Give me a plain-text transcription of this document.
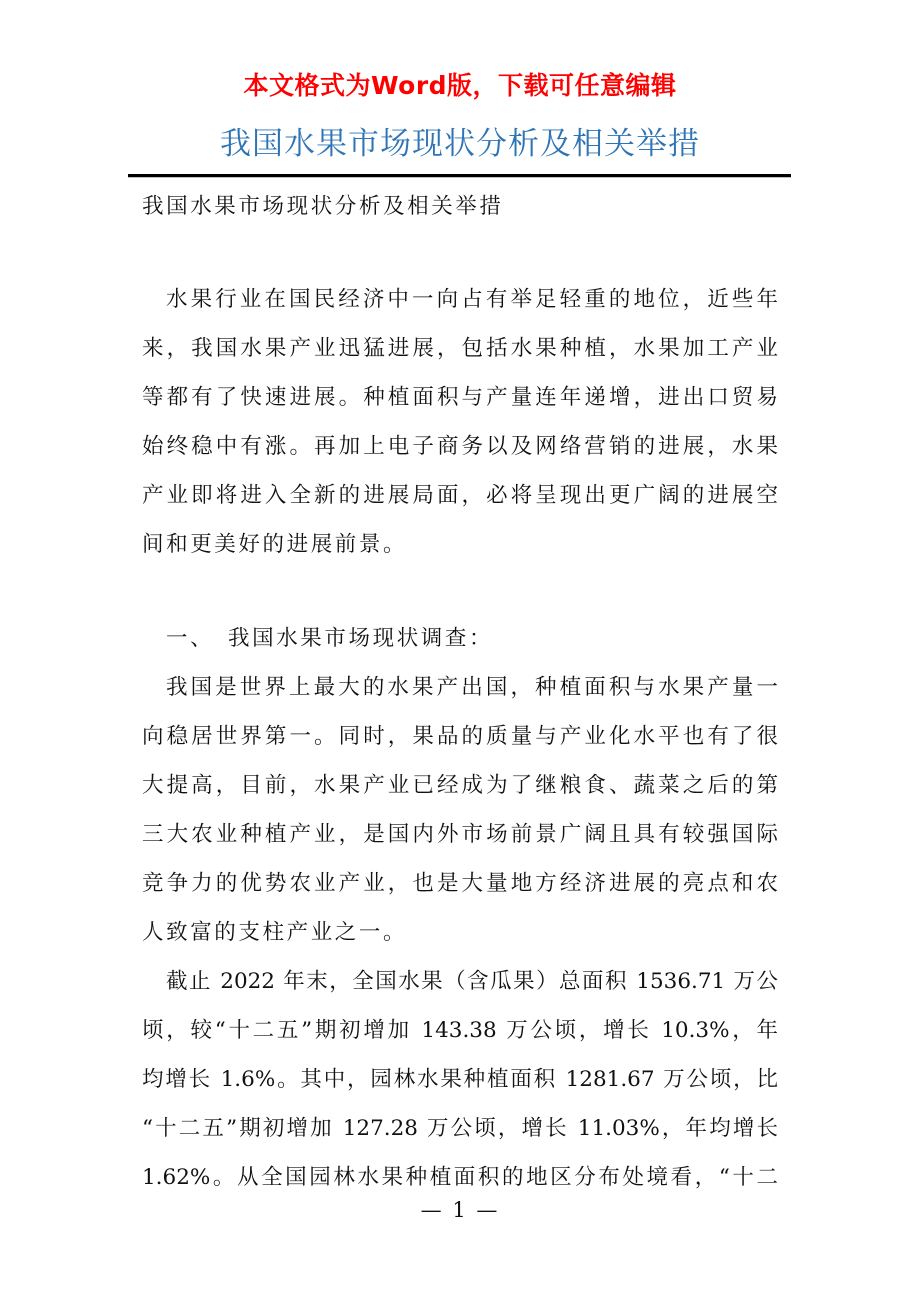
本文格式为Word版，下载可任意编辑
我国水果市场现状分析及相关举措
我国水果市场现状分析及相关举措
水果行业在国民经济中一向占有举足轻重的地位，近些年
来，我国水果产业迅猛进展，包括水果种植，水果加工产业
等都有了快速进展。种植面积与产量连年递增，进出口贸易
始终稳中有涨。再加上电子商务以及网络营销的进展，水果
产业即将进入全新的进展局面，必将呈现出更广阔的进展空
间和更美好的进展前景。
一、 我国水果市场现状调查：
我国是世界上最大的水果产出国，种植面积与水果产量一
向稳居世界第一。同时，果品的质量与产业化水平也有了很
大提高，目前，水果产业已经成为了继粮食、蔬菜之后的第
三大农业种植产业，是国内外市场前景广阔且具有较强国际
竞争力的优势农业产业，也是大量地方经济进展的亮点和农
人致富的支柱产业之一。
截止 2022 年末，全国水果（含瓜果）总面积 1536.71 万公
顷，较“十二五”期初增加 143.38 万公顷，增长 10.3%，年
均增长 1.6%。其中，园林水果种植面积 1281.67 万公顷，比
“十二五”期初增加 127.28 万公顷，增长 11.03%，年均增长
1.62%。从全国园林水果种植面积的地区分布处境看，“十二
— 1 —
